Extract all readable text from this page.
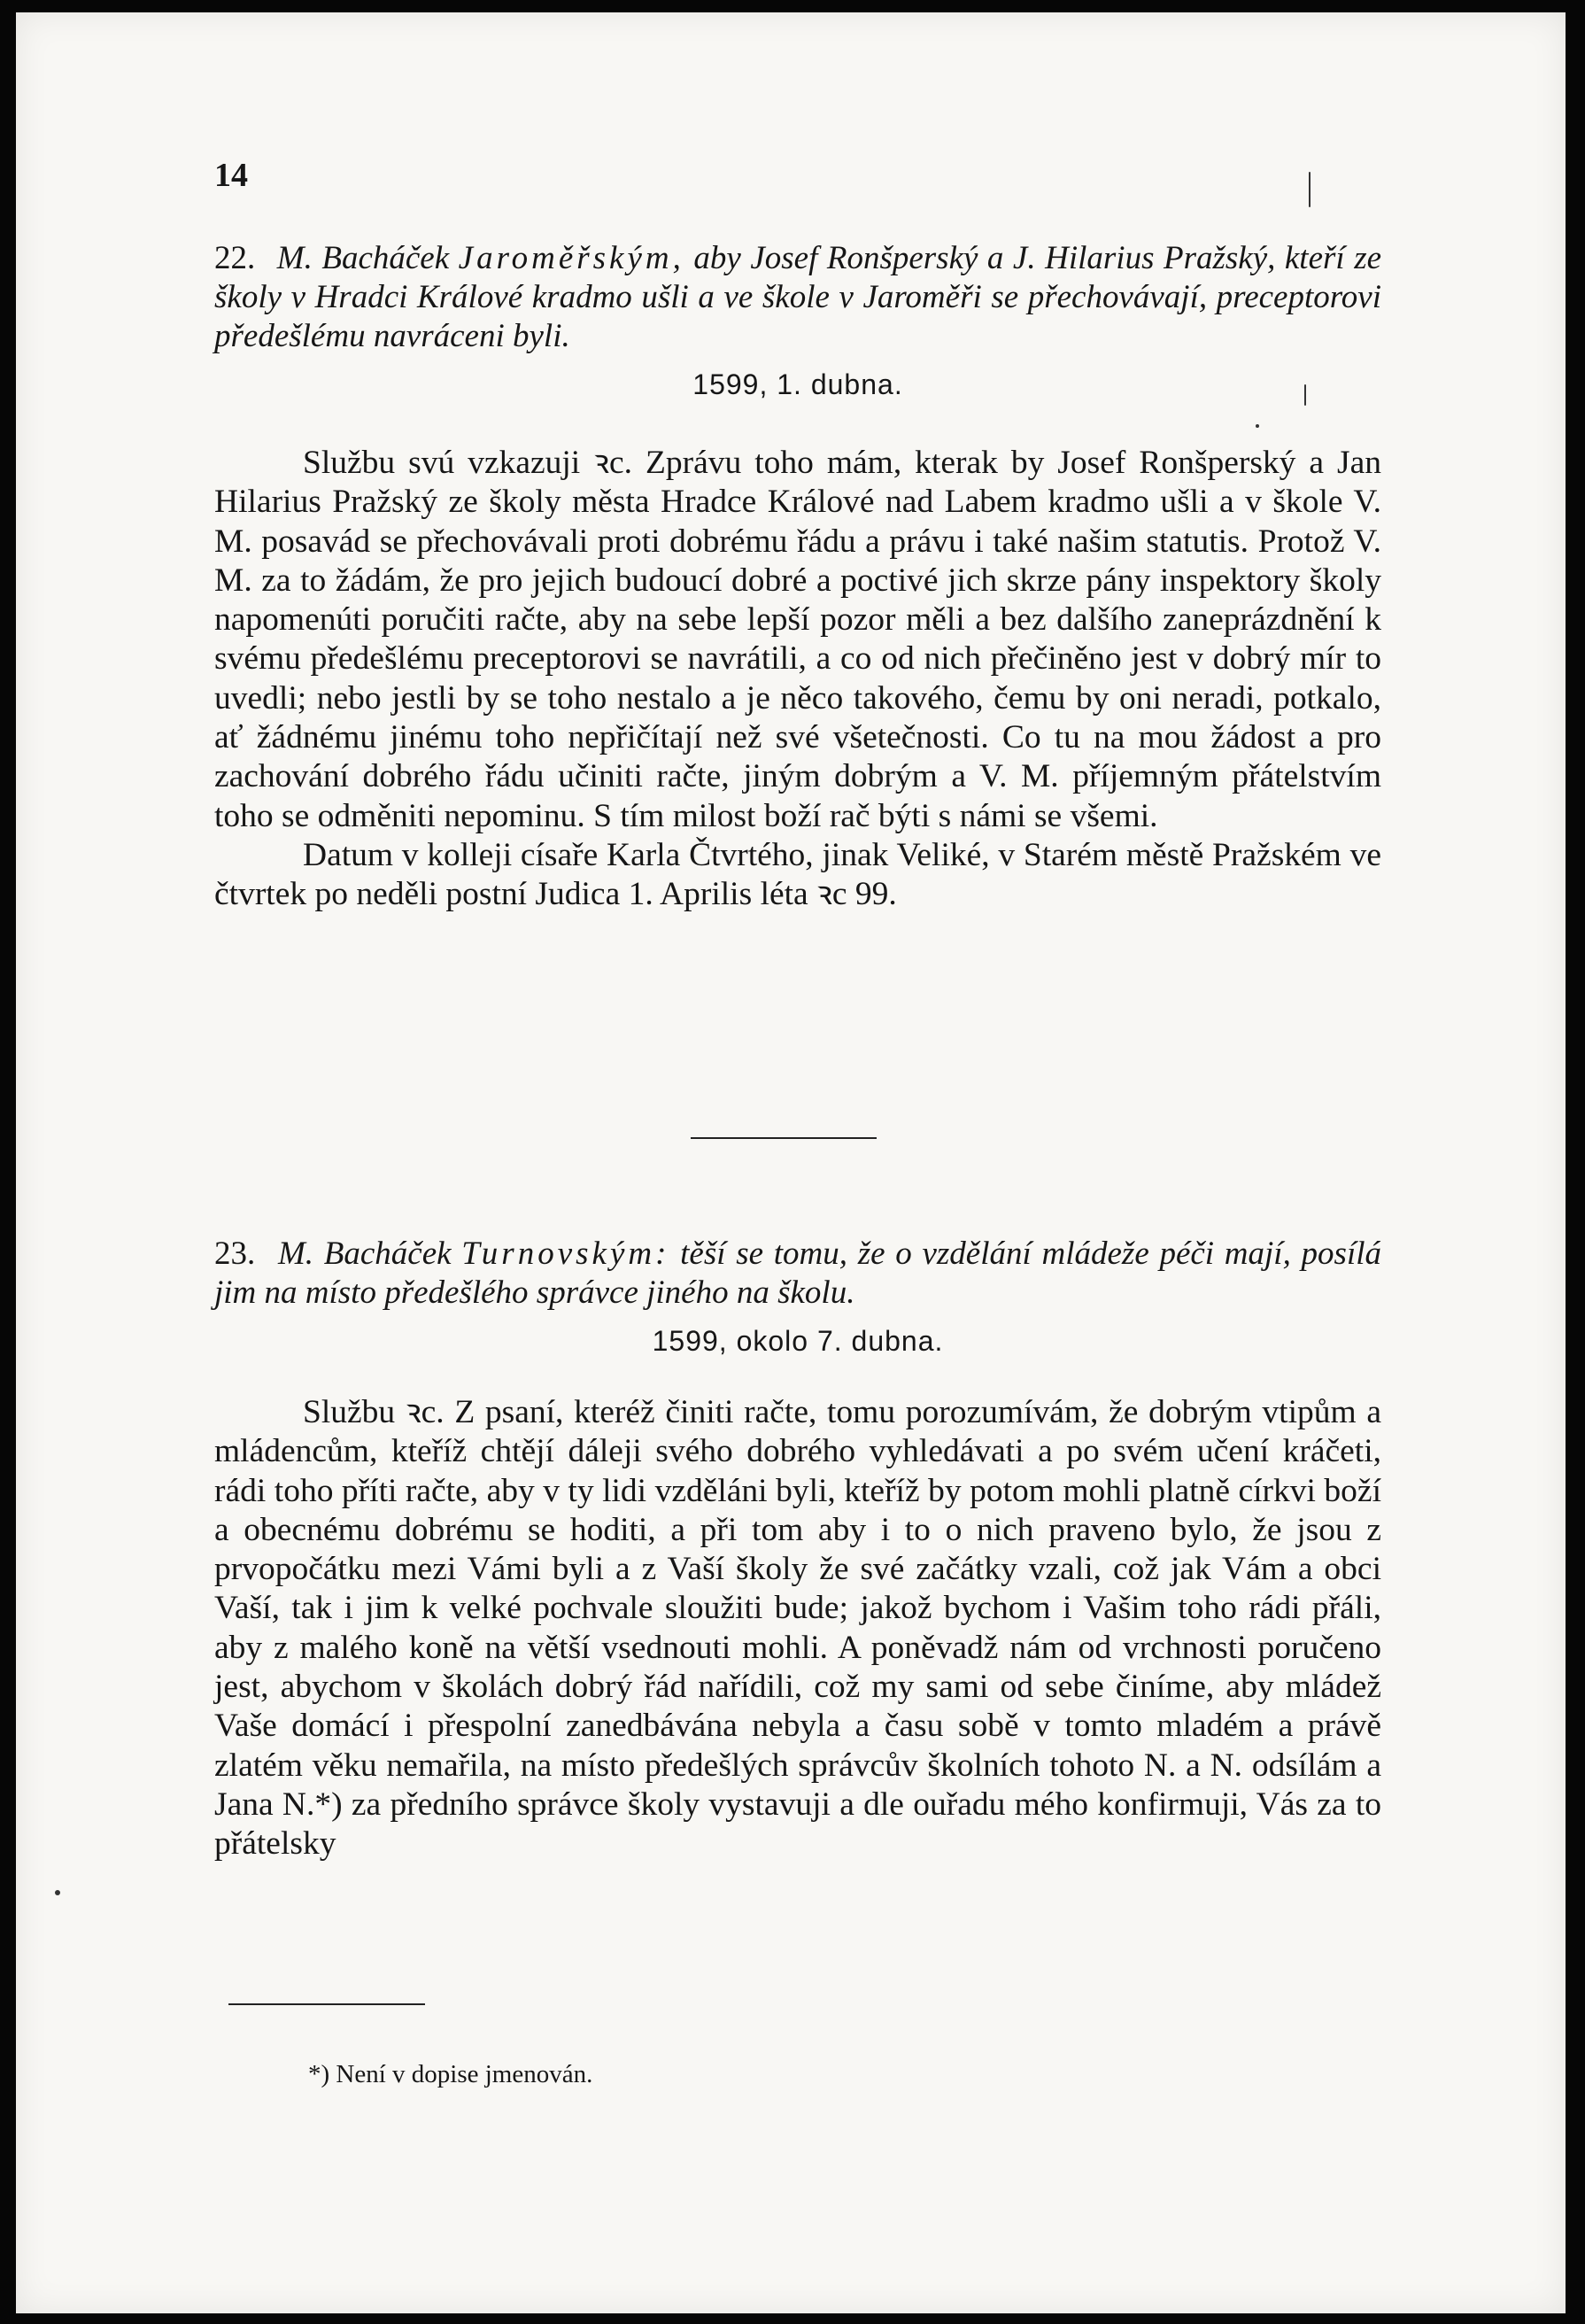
14
22. M. Bacháček Jaroměřským, aby Josef Ronšperský a J. Hilarius Pražský, kteří ze školy v Hradci Králové kradmo ušli a ve škole v Jaroměři se přechovávají, preceptorovi předešlému navráceni byli.
1599, 1. dubna.

Službu svú vzkazuji ꝛc. Zprávu toho mám, kterak by Josef Ronšperský a Jan Hilarius Pražský ze školy města Hradce Králové nad Labem kradmo ušli a v škole V. M. posavád se přechovávali proti dobrému řádu a právu i také našim statutis. Protož V. M. za to žádám, že pro jejich budoucí dobré a poctivé jich skrze pány inspektory školy napomenúti poručiti račte, aby na sebe lepší pozor měli a bez dalšího zaneprázdnění k svému předešlému preceptorovi se navrátili, a co od nich přečiněno jest v dobrý mír to uvedli; nebo jestli by se toho nestalo a je něco takového, čemu by oni neradi, potkalo, ať žádnému jinému toho nepřičítají než své všetečnosti. Co tu na mou žádost a pro zachování dobrého řádu učiniti račte, jiným dobrým a V. M. příjemným přátelstvím toho se odměniti nepominu. S tím milost boží rač býti s námi se všemi.

Datum v kolleji císaře Karla Čtvrtého, jinak Veliké, v Starém městě Pražském ve čtvrtek po neděli postní Judica 1. Aprilis léta ꝛc 99.

23. M. Bacháček Turnovským: těší se tomu, že o vzdělání mládeže péči mají, posílá jim na místo předešlého správce jiného na školu.
1599, okolo 7. dubna.

Službu ꝛc. Z psaní, kteréž činiti račte, tomu porozumívám, že dobrým vtipům a mládencům, kteříž chtějí dáleji svého dobrého vyhledávati a po svém učení kráčeti, rádi toho příti račte, aby v ty lidi vzděláni byli, kteříž by potom mohli platně církvi boží a obecnému dobrému se hoditi, a při tom aby i to o nich praveno bylo, že jsou z prvopočátku mezi Vámi byli a z Vaší školy že své začátky vzali, což jak Vám a obci Vaší, tak i jim k velké pochvale sloužiti bude; jakož bychom i Vašim toho rádi přáli, aby z malého koně na větší vsednouti mohli. A poněvadž nám od vrchnosti poručeno jest, abychom v školách dobrý řád nařídili, což my sami od sebe činíme, aby mládež Vaše domácí i přespolní zanedbávána nebyla a času sobě v tomto mladém a právě zlatém věku nemařila, na místo předešlých správcův školních tohoto N. a N. odsílám a Jana N.*) za předního správce školy vystavuji a dle ouřadu mého konfirmuji, Vás za to přátelsky

*) Není v dopise jmenován.
